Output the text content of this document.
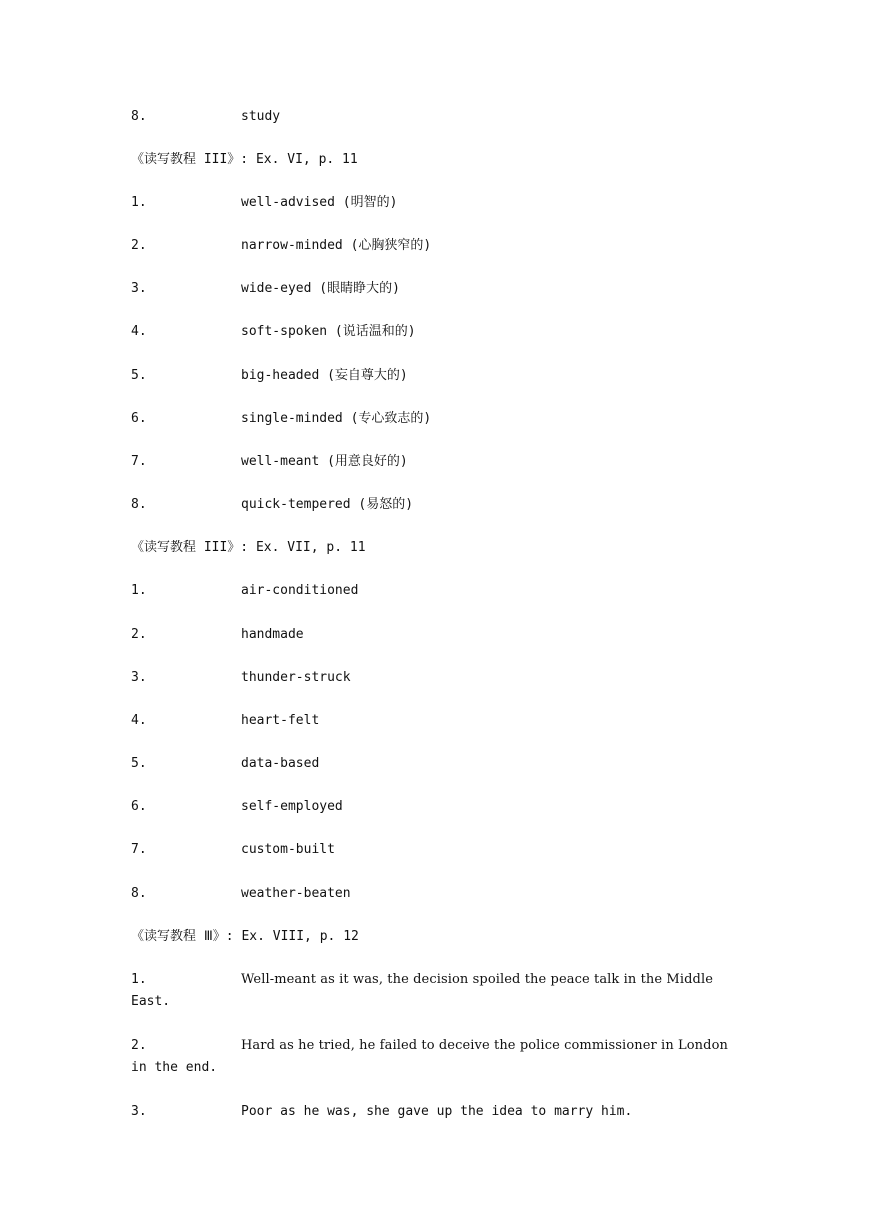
8.	study
《读写教程 III》: Ex. VI, p. 11
1.	well-advised (明智的)
2.	narrow-minded (心胸狭窄的)
3.	wide-eyed (眼睛睁大的)
4.	soft-spoken (说话温和的)
5.	big-headed (妄自尊大的)
6.	single-minded (专心致志的)
7.	well-meant (用意良好的)
8.	quick-tempered (易怒的)
《读写教程 III》: Ex. VII, p. 11
1.	air-conditioned
2.	handmade
3.	thunder-struck
4.	heart-felt
5.	data-based
6.	self-employed
7.	custom-built
8.	weather-beaten
《读写教程 Ⅲ》: Ex. VIII, p. 12
1.	Well-meant as it was, the decision spoiled the peace talk in the Middle
East.
2.	Hard as he tried, he failed to deceive the police commissioner in London
in the end.
3.	Poor as he was, she gave up the idea to marry him.
